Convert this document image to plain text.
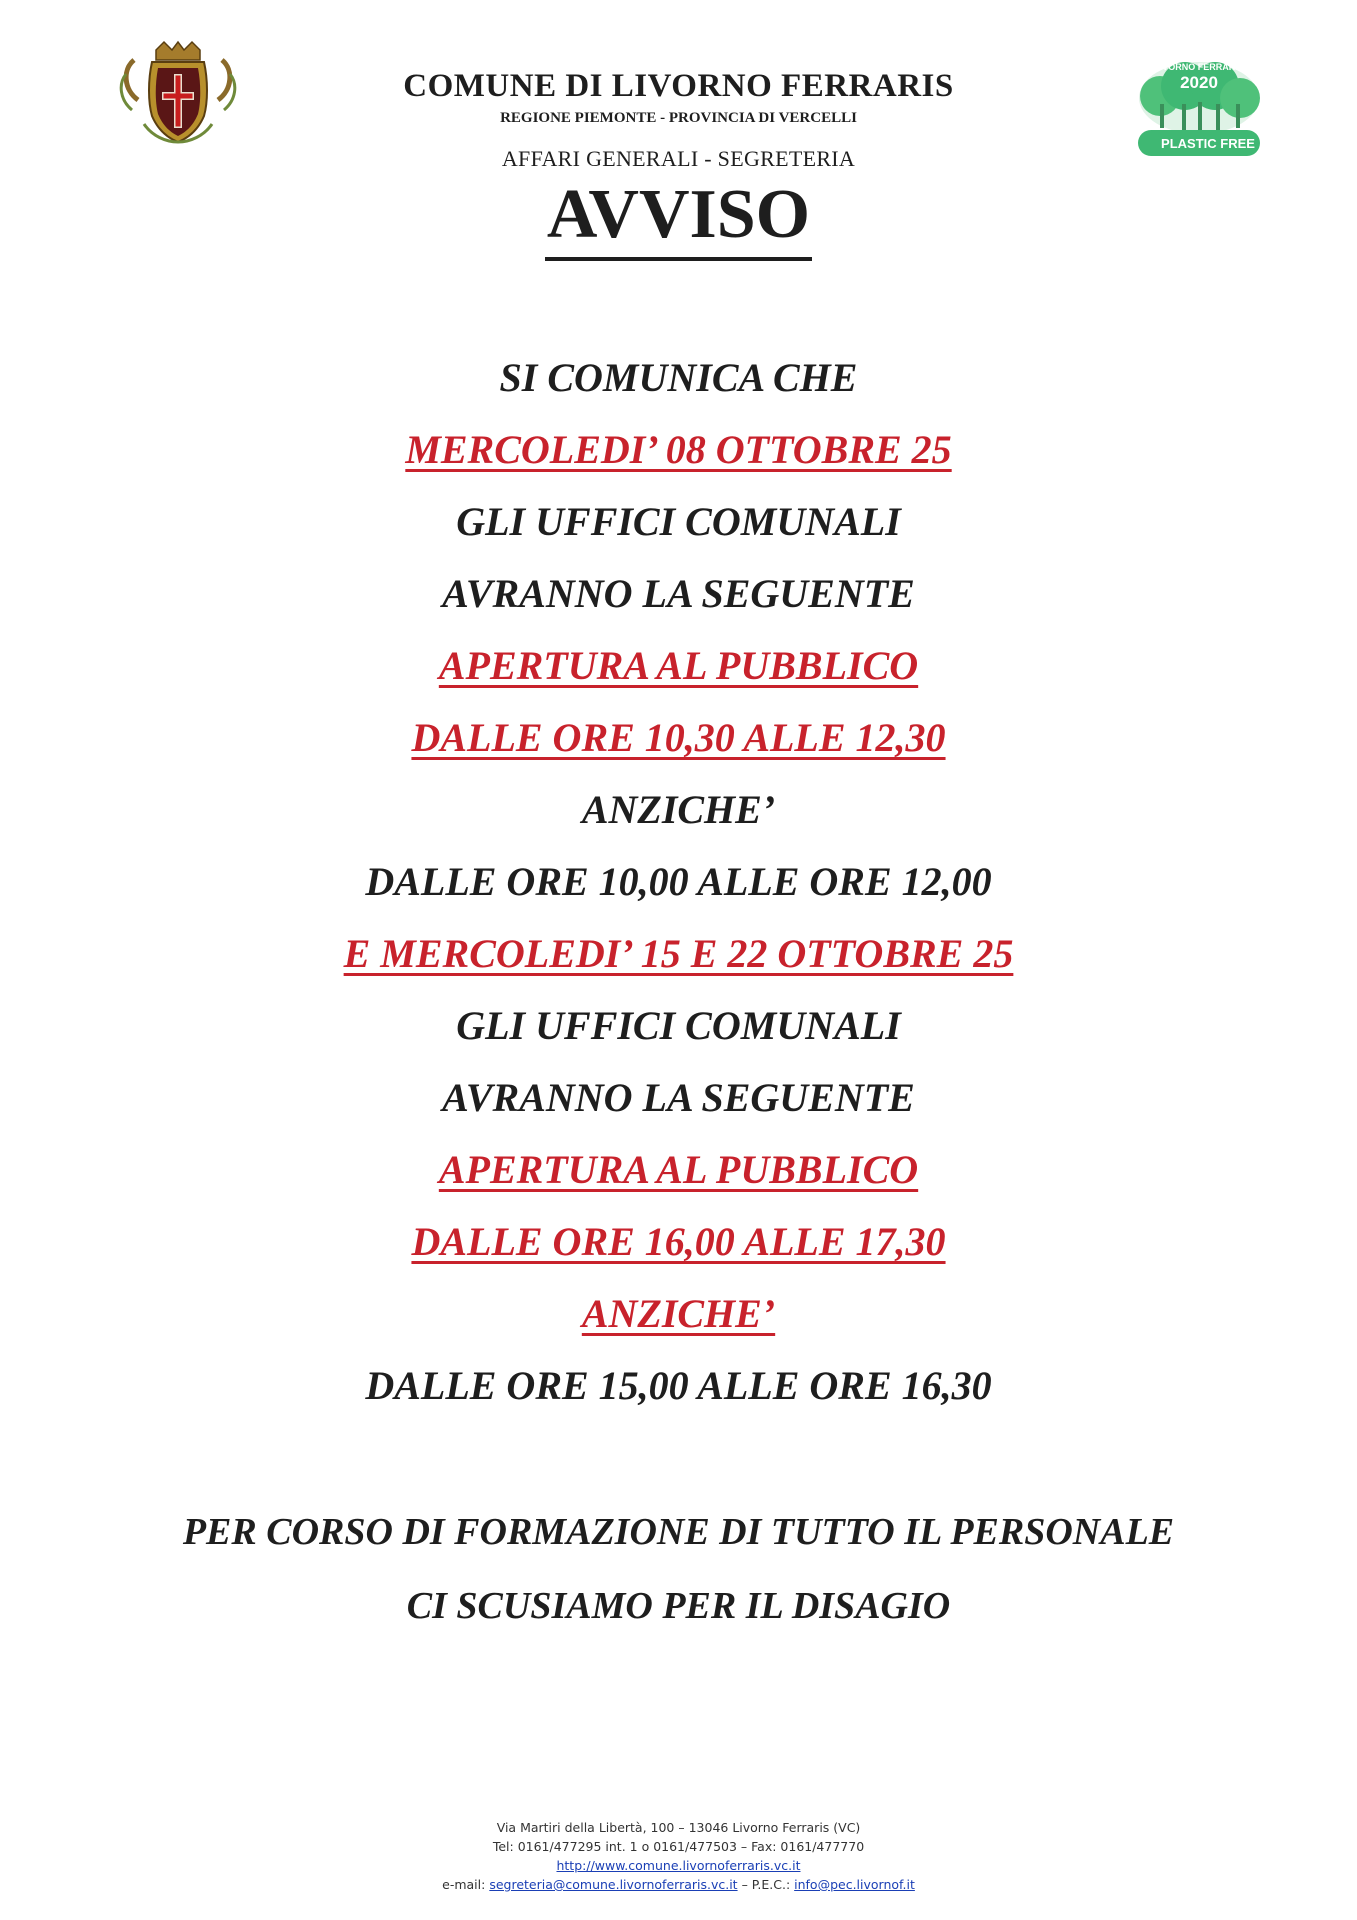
LIVORNO FERRARIS
2020
PLASTIC FREE
COMUNE DI LIVORNO FERRARIS
REGIONE PIEMONTE - PROVINCIA DI VERCELLI
AFFARI GENERALI - SEGRETERIA
AVVISO
SI COMUNICA CHE
MERCOLEDI’ 08 OTTOBRE 25
GLI UFFICI COMUNALI
AVRANNO LA SEGUENTE
APERTURA AL PUBBLICO
DALLE ORE 10,30 ALLE 12,30
ANZICHE’
DALLE ORE 10,00 ALLE ORE 12,00
E MERCOLEDI’ 15 E 22 OTTOBRE 25
GLI UFFICI COMUNALI
AVRANNO LA SEGUENTE
APERTURA AL PUBBLICO
DALLE ORE 16,00 ALLE 17,30
ANZICHE’
DALLE ORE 15,00 ALLE ORE 16,30
PER CORSO DI FORMAZIONE DI TUTTO IL PERSONALE
CI SCUSIAMO PER IL DISAGIO
Via Martiri della Libertà, 100 – 13046 Livorno Ferraris (VC)
Tel: 0161/477295 int. 1 o 0161/477503 – Fax: 0161/477770
http://www.comune.livornoferraris.vc.it
e-mail: segreteria@comune.livornoferraris.vc.it – P.E.C.: info@pec.livornof.it
